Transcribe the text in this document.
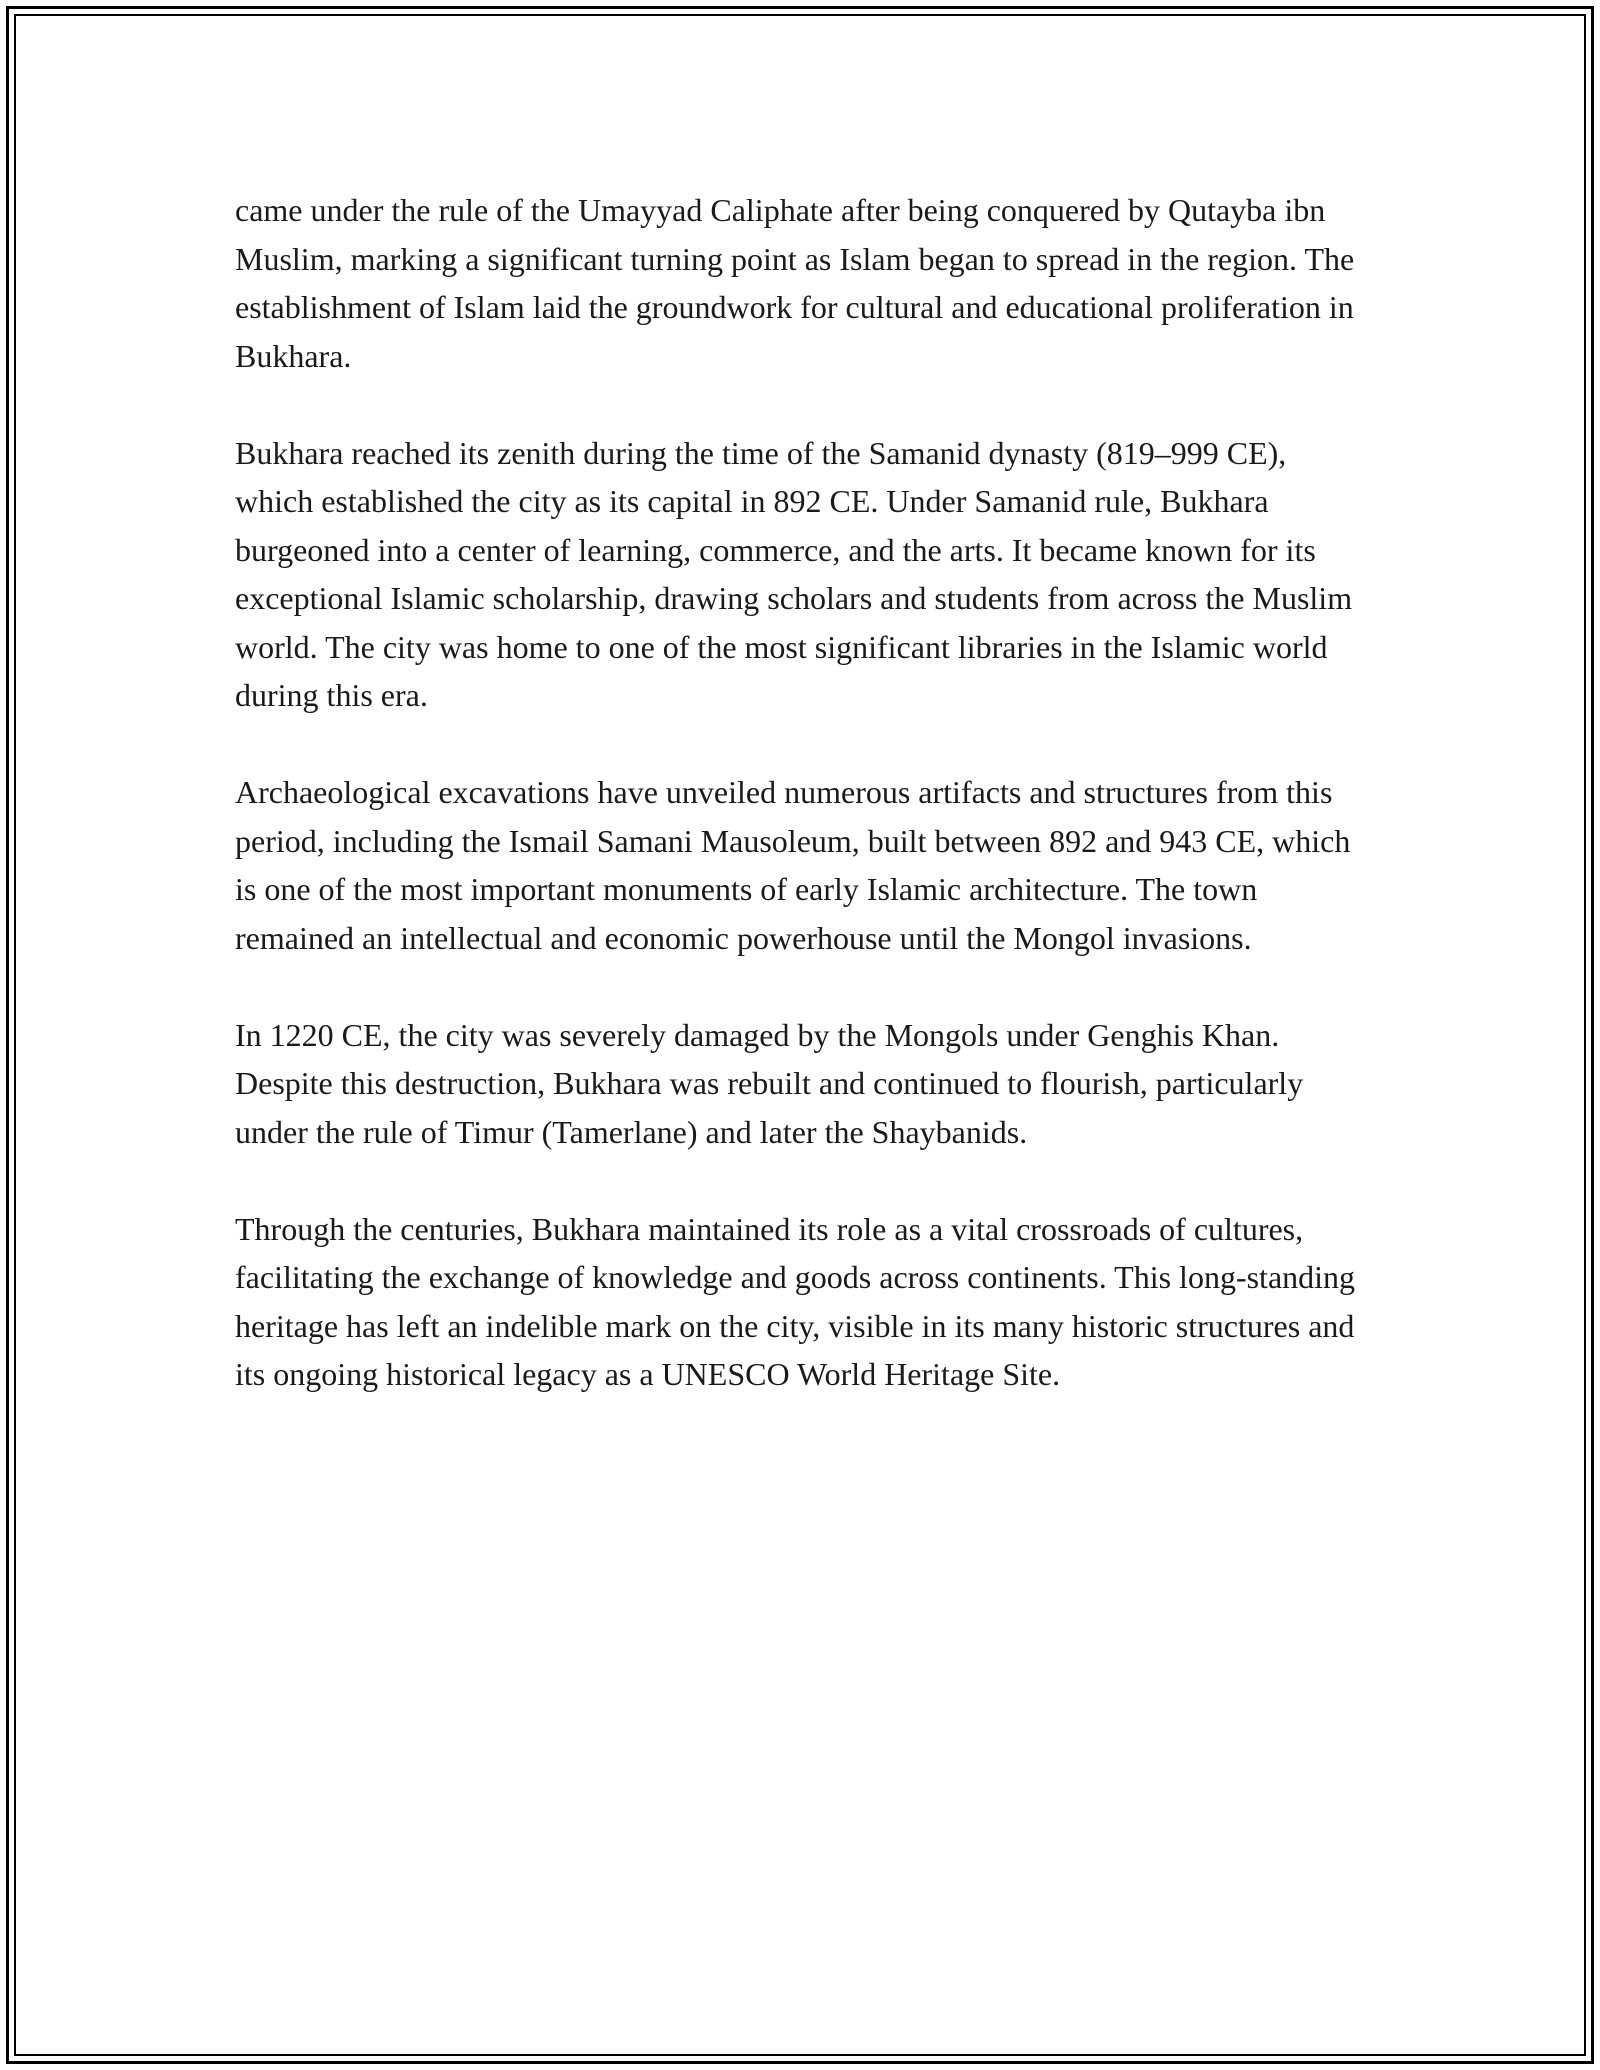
came under the rule of the Umayyad Caliphate after being conquered by Qutayba ibn Muslim, marking a significant turning point as Islam began to spread in the region. The establishment of Islam laid the groundwork for cultural and educational proliferation in Bukhara.

Bukhara reached its zenith during the time of the Samanid dynasty (819–999 CE), which established the city as its capital in 892 CE. Under Samanid rule, Bukhara burgeoned into a center of learning, commerce, and the arts. It became known for its exceptional Islamic scholarship, drawing scholars and students from across the Muslim world. The city was home to one of the most significant libraries in the Islamic world during this era.

Archaeological excavations have unveiled numerous artifacts and structures from this period, including the Ismail Samani Mausoleum, built between 892 and 943 CE, which is one of the most important monuments of early Islamic architecture. The town remained an intellectual and economic powerhouse until the Mongol invasions.

In 1220 CE, the city was severely damaged by the Mongols under Genghis Khan. Despite this destruction, Bukhara was rebuilt and continued to flourish, particularly under the rule of Timur (Tamerlane) and later the Shaybanids.

Through the centuries, Bukhara maintained its role as a vital crossroads of cultures, facilitating the exchange of knowledge and goods across continents. This long-standing heritage has left an indelible mark on the city, visible in its many historic structures and its ongoing historical legacy as a UNESCO World Heritage Site.
